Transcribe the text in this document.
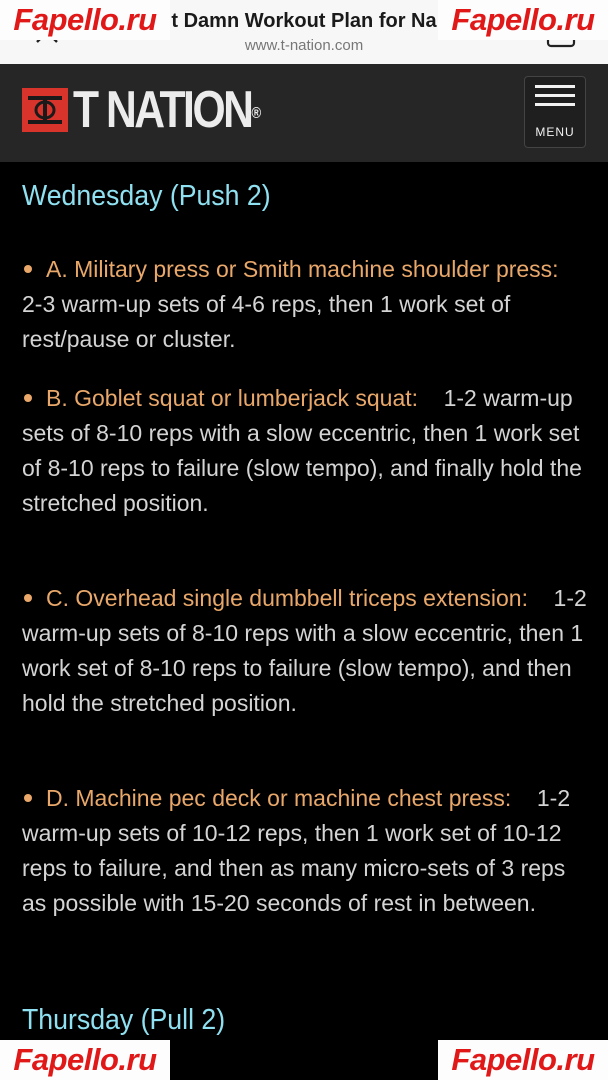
t Damn Workout Plan for Na
www.t-nation.com
T NATION®
MENU
Wednesday (Push 2)
A. Military press or Smith machine shoulder press:    2-3 warm-up sets of 4-6 reps, then 1 work set of rest/pause or cluster.
B. Goblet squat or lumberjack squat: 1-2 warm-up sets of 8-10 reps with a slow eccentric, then 1 work set of 8-10 reps to failure (slow tempo), and finally hold the stretched position.
C. Overhead single dumbbell triceps extension: 1-2 warm-up sets of 8-10 reps with a slow eccentric, then 1 work set of 8-10 reps to failure (slow tempo), and then hold the stretched position.
D. Machine pec deck or machine chest press: 1-2 warm-up sets of 10-12 reps, then 1 work set of 10-12 reps to failure, and then as many micro-sets of 3 reps as possible with 15-20 seconds of rest in between.
Thursday (Pull 2)
Fapello.ru	Fapello.ru
Fapello.ru	Fapello.ru
